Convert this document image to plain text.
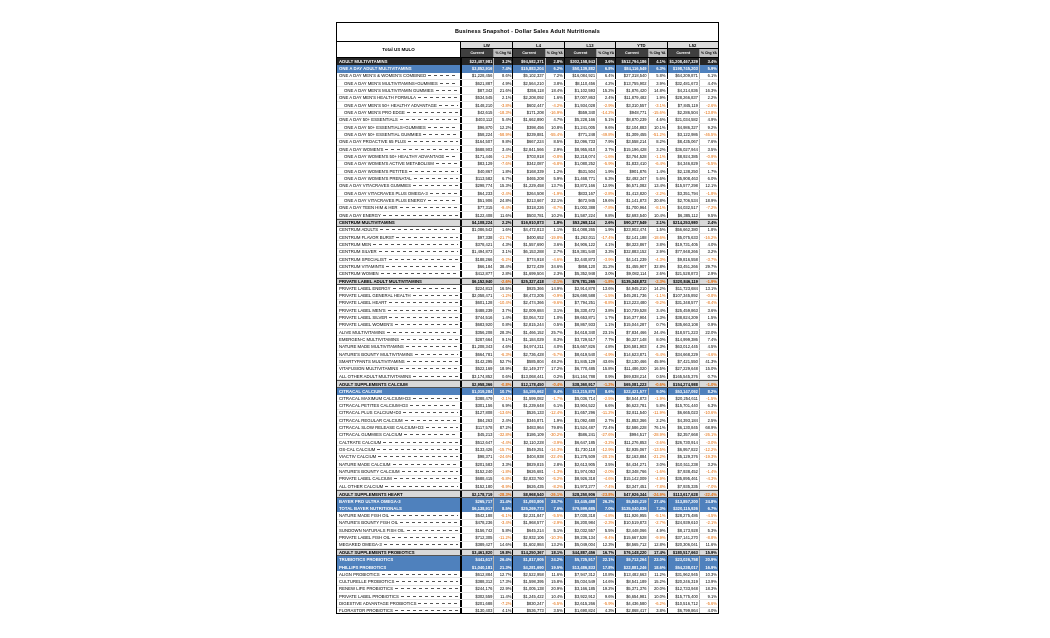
Business Snapshot - Dollar Sales Adult Nutritionals
Total US MULO
LW	L4	L13	YTD	L52
Current	% Chg YA	Current	% Chg YA	Current	% Chg YA	Current	% Chg YA	Current	% Chg YA
ADULT MULTIVITAMINS	$23,407,981	3.2%	$94,582,371	2.8%	$302,158,943	3.6%	$512,794,186	4.1% $1,208,467,329	3.4%
ONE A DAY ADULT MULTIVITAMINS	$3,852,916	7.4%	$15,883,204	6.2%	$50,139,882	6.8%	$84,116,549	6.3%	$198,745,203	5.9%
ONE A DAY MEN'S & WOMEN'S COMBINED	$1,228,456	8.6%	$5,102,337	7.2%	$16,084,921	6.4%	$27,318,540	5.8%	$64,209,871	6.1%
ONE A DAY MEN'S MULTIVITAMINS+GUMMIES	$621,887	4.9%	$2,564,210	3.8%	$8,110,456	4.2%	$13,755,902	3.9%	$32,481,673	4.4%
ONE A DAY MEN'S MULTIVITAMIN GUMMIES	$87,342	21.6%	$356,118	18.4%	$1,102,593	15.2%	$1,876,420	14.8%	$4,214,836	16.3%
ONE A DAY MEN'S HEALTH FORMULA	$534,545	2.1%	$2,208,092	1.6%	$7,007,863	2.4%	$11,879,482	1.9%	$28,266,837	2.2%
ONE A DAY MEN'S 50+ HEALTHY ADVANTAGE	$148,210	-3.8%	$602,447	-4.2%	$1,934,028	-2.9%	$3,310,557	-3.1%	$7,845,119	-2.6%
ONE A DAY MEN'S PRO EDGE	$42,615	-18.3%	$171,208	-16.9%	$559,340	-14.2%	$948,771	-15.6%	$2,286,504	-13.8%
ONE A DAY 50+ ESSENTIALS	$403,112	5.4%	$1,662,890	4.7%	$5,228,166	5.1%	$8,870,239	4.6%	$21,034,582	4.9%
ONE A DAY 50+ ESSENTIALS+GUMMIES	$96,870	12.2%	$398,456	10.8%	$1,241,005	9.6%	$2,104,883	10.1%	$4,986,327	9.2%
ONE A DAY 50+ ESSENTIAL GUMMIES	$58,224	-58.9%	$239,881	-55.4%	$771,248	-49.8%	$1,309,455	-51.2%	$3,122,986	-46.5%
ONE A DAY PROACTIVE 65 PLUS	$164,507	9.8%	$667,224	8.5%	$2,096,733	7.9%	$3,558,214	8.2%	$8,435,067	7.6%
ONE A DAY WOMEN'S	$688,903	3.4%	$2,841,566	2.9%	$8,955,810	3.7%	$15,196,428	3.2%	$36,027,944	3.5%
ONE A DAY WOMEN'S 50+ HEALTHY ADVANTAGE	$171,446	-1.2%	$703,918	-0.8%	$2,218,074	-1.6%	$3,764,528	-1.1%	$8,924,385	-0.9%
ONE A DAY WOMEN'S ACTIVE METABOLISM	$83,129	-7.6%	$342,087	-6.8%	$1,080,252	-5.9%	$1,833,410	-6.4%	$4,346,829	-5.5%
ONE A DAY WOMEN'S PETITES	$40,867	1.8%	$168,339	1.2%	$531,504	1.9%	$901,876	1.4%	$2,138,250	1.7%
ONE A DAY WOMEN'S PRENATAL	$113,582	6.7%	$465,208	5.9%	$1,468,771	6.3%	$2,492,347	5.6%	$5,908,463	6.0%
ONE A DAY VITACRAVES GUMMIES	$298,774	15.3%	$1,229,458	13.7%	$3,872,166	12.9%	$6,571,082	13.4%	$15,577,298	12.1%
ONE A DAY VITACRAVES PLUS OMEGA-3	$64,233	-2.4%	$264,508	-1.9%	$833,167	-2.8%	$1,413,820	-2.2%	$3,351,794	-1.8%
ONE A DAY VITACRAVES PLUS ENERGY	$51,906	24.8%	$213,667	22.1%	$672,945	19.6%	$1,141,873	20.8%	$2,706,534	18.9%
ONE A DAY TEEN HIM & HER	$77,315	-9.4%	$318,226	-8.7%	$1,002,388	-7.8%	$1,700,964	-8.1%	$4,032,517	-7.2%
ONE A DAY ENERGY	$122,408	11.6%	$503,781	10.2%	$1,587,224	9.8%	$2,693,540	10.4%	$6,385,112	9.5%
CENTRUM MULTIVITAMINS	$4,108,224	2.2%	$16,910,873	1.8%	$53,268,114	2.6%	$90,377,549	2.1%	$214,253,980	2.4%
CENTRUM ADULTS	$1,086,542	1.6%	$4,472,813	1.1%	$14,088,265	1.9%	$23,902,474	1.5%	$56,662,380	1.8%
CENTRUM FLAVOR BURST	$97,338	-21.7%	$400,652	-19.8%	$1,262,011	-17.4%	$2,141,188	-18.6%	$5,075,633	-16.2%
CENTRUM MEN	$378,421	4.3%	$1,557,690	3.6%	$4,906,122	4.1%	$8,323,867	3.8%	$19,731,405	4.0%
CENTRUM SILVER	$1,494,873	3.1%	$6,153,288	2.7%	$19,381,540	3.3%	$32,883,152	2.9%	$77,948,266	3.2%
CENTRUM SPECIALIST	$188,266	-5.2%	$774,918	-4.6%	$2,440,873	-3.9%	$4,141,239	-4.3%	$9,816,558	-3.7%
CENTRUM VITAMINTS	$66,184	38.4%	$272,439	34.6%	$858,120	31.2%	$1,455,907	32.8%	$3,451,266	29.7%
CENTRUM WOMEN	$412,877	2.8%	$1,699,504	2.3%	$5,352,948	3.0%	$9,082,114	2.6%	$21,528,873	2.9%
PRIVATE LABEL ADULT MULTIVITAMINS	$6,152,940	-2.6%	$25,327,418	-2.1%	$79,781,265	-1.8%	$135,348,872	-2.3%	$320,846,119	-1.9%
PRIVATE LABEL ENERGY	$224,813	16.5%	$925,366	14.9%	$2,914,878	13.6%	$4,945,210	14.2%	$11,723,684	13.1%
PRIVATE LABEL GENERAL HEALTH	$2,058,471	-1.2%	$8,473,205	-0.9%	$26,690,588	-1.5%	$45,281,736	-1.1%	$107,345,892	-0.8%
PRIVATE LABEL HEART	$601,128	-10.4%	$2,474,366	-9.6%	$7,794,251	-8.8%	$13,223,480	-9.2%	$31,348,577	-8.4%
PRIVATE LABEL MEN'S	$488,239	3.7%	$2,009,684	3.1%	$6,330,472	3.8%	$10,739,528	3.4%	$25,459,863	3.6%
PRIVATE LABEL SILVER	$744,516	1.4%	$3,064,722	1.0%	$9,653,871	1.7%	$16,377,904	1.3%	$38,824,209	1.5%
PRIVATE LABEL WOMEN'S	$683,920	0.8%	$2,815,244	0.5%	$8,867,933	1.1%	$15,044,287	0.7%	$35,663,108	0.9%
ALIVE MULTIVITAMINS	$356,208	28.3%	$1,466,152	25.7%	$4,618,340	23.1%	$7,834,466	24.4%	$18,571,223	22.0%
EMERGEN-C MULTIVITAMINS	$287,664	9.1%	$1,184,029	8.3%	$3,729,517	7.7%	$6,327,148	8.0%	$14,999,386	7.4%
NATURE MADE MULTIVITAMINS	$1,208,343	4.6%	$4,974,211	4.0%	$15,667,826	4.8%	$26,581,903	4.3%	$63,012,445	4.5%
NATURE'S BOUNTY MULTIVITAMINS	$664,781	-6.3%	$2,736,428	-5.7%	$8,619,540	-4.9%	$14,623,871	-5.4%	$34,668,229	-4.6%
SMARTYPANTS MULTIVITAMINS	$142,295	52.7%	$585,804	48.2%	$1,845,129	43.6%	$3,130,466	45.9%	$7,421,550	41.3%
VITAFUSION MULTIVITAMINS	$522,169	18.9%	$2,149,377	17.2%	$6,770,485	15.8%	$11,486,020	16.5%	$27,229,648	15.0%
ALL OTHER ADULT MULTIVITAMINS	$3,174,852	0.6%	$13,068,441	0.2%	$41,164,788	0.9%	$69,838,214	0.5%	$165,545,376	0.7%
ADULT SUPPLEMENTS CALCIUM	$2,958,366	-0.8%	$12,178,450	-0.4%	$38,360,917	-1.2%	$65,081,223	-0.6%	$154,274,988	-1.0%
CITRACAL CALCIUM	$1,019,284	10.7%	$4,195,662	9.4%	$13,215,870	8.6%	$22,421,577	9.0%	$53,147,092	8.2%
CITRACAL MAXIMUM CALCIUM+D3	$388,479	-2.1%	$1,599,082	-1.7%	$5,036,714	-2.5%	$8,544,873	-1.9%	$20,254,611	-1.5%
CITRACAL PETITES CALCIUM+D3	$301,156	6.9%	$1,239,648	6.1%	$3,904,522	6.6%	$6,623,781	5.8%	$15,701,440	6.3%
CITRACAL PLUS CALCIUM+D3	$127,808	-13.6%	$526,133	-12.4%	$1,657,296	-11.2%	$2,811,540	-11.9%	$6,665,023	-10.6%
CITRACAL REGULAR CALCIUM	$84,263	2.4%	$346,871	1.9%	$1,092,480	2.7%	$1,853,366	2.2%	$4,393,184	2.5%
CITRACAL SLOW RELEASE CALCIUM+D3	$117,578	87.2%	$483,964	79.8%	$1,524,487	72.4%	$2,586,228	76.1%	$6,130,845	68.9%
CITRACAL GUMMIES CALCIUM	$45,213	-32.8%	$186,109	-30.2%	$586,241	-27.6%	$994,517	-28.9%	$2,357,668	-26.1%
CALTRATE CALCIUM	$512,647	-4.4%	$2,110,228	-3.9%	$6,647,185	-3.2%	$11,276,853	-3.6%	$26,730,914	-3.0%
OS-CAL CALCIUM	$133,426	-15.7%	$549,251	-14.3%	$1,730,118	-12.9%	$2,935,067	-13.5%	$6,957,822	-12.2%
VIACTIV CALCIUM	$98,371	-24.6%	$404,938	-22.4%	$1,275,509	-20.1%	$2,163,884	-21.2%	$5,129,376	-19.3%
NATURE MADE CALCIUM	$201,583	3.3%	$829,815	2.8%	$2,613,905	3.5%	$4,434,271	3.0%	$10,511,238	3.2%
NATURE'S BOUNTY CALCIUM	$152,240	-1.8%	$626,681	-1.3%	$1,974,053	-2.0%	$3,348,766	-1.6%	$7,938,452	-1.4%
PRIVATE LABEL CALCIUM	$688,415	-5.8%	$2,833,760	-5.2%	$8,926,318	-4.6%	$15,142,009	-4.9%	$35,895,461	-4.3%
ALL OTHER CALCIUM	$152,180	-8.9%	$626,435	-8.2%	$1,973,277	-7.4%	$3,347,451	-7.8%	$7,935,335	-7.0%
ADULT SUPPLEMENTS HEART	$2,178,719	-28.3%	$8,968,540	-26.1%	$28,250,906	-23.8%	$47,926,344	-24.9%	$113,617,628	-22.4%
BAYER PRO ULTRA OMEGA-3	$265,717	31.4%	$1,093,806	28.7%	$3,445,488	26.2%	$5,845,219	27.4%	$13,857,200	24.8%
TOTAL BAYER NUTRITIONALS	$6,138,917	8.5%	$25,269,773	7.6%	$79,599,685	7.0%	$135,040,836	7.3%	$320,115,926	6.7%
NATURE MADE FISH OIL	$542,188	-6.1%	$2,231,847	-5.5%	$7,030,318	-4.8%	$11,926,955	-5.1%	$28,275,486	-4.5%
NATURE'S BOUNTY FISH OIL	$478,236	-3.4%	$1,968,577	-2.9%	$6,200,984	-2.3%	$10,519,873	-2.7%	$24,939,610	-2.1%
SUNDOWN NATURALS FISH OIL	$156,742	5.8%	$645,214	5.1%	$2,032,557	5.5%	$3,448,066	4.9%	$8,173,928	5.3%
PRIVATE LABEL FISH OIL	$712,305	-11.2%	$2,932,106	-10.3%	$9,236,134	-9.4%	$15,667,528	-9.9%	$37,141,270	-8.8%
MEGARED OMEGA-3	$389,427	14.6%	$1,602,984	13.2%	$5,049,004	12.3%	$8,565,712	12.8%	$20,306,041	11.6%
ADULT SUPPLEMENTS PROBIOTICS	$3,461,820	19.8%	$14,250,367	18.1%	$44,887,456	16.7%	$76,148,220	17.4%	$180,517,663	15.9%
TRUBIOTICS PROBIOTICS	$441,617	26.4%	$1,817,905	24.2%	$5,725,917	22.1%	$9,713,264	23.0%	$23,026,758	20.9%
PHILLIPS PROBIOTICS	$1,040,181	21.3%	$4,281,690	19.5%	$13,486,833	17.8%	$22,881,246	18.6%	$54,238,017	16.9%
ALIGN PROBIOTICS	$612,884	12.7%	$2,522,958	11.6%	$7,947,312	10.8%	$13,482,663	11.2%	$31,962,945	10.3%
CULTURELLE PROBIOTICS	$388,312	17.3%	$1,598,395	15.8%	$5,034,549	14.6%	$8,541,189	15.2%	$20,246,319	13.9%
RENEW LIFE PROBIOTICS	$244,176	22.9%	$1,005,138	20.9%	$3,166,185	19.2%	$5,371,376	20.0%	$12,733,948	18.3%
PRIVATE LABEL PROBIOTICS	$302,559	11.4%	$1,245,422	10.4%	$3,922,912	9.6%	$6,654,981	10.0%	$15,775,400	9.1%
DIGESTIVE ADVANTAGE PROBIOTICS	$201,688	-7.2%	$830,247	-6.5%	$2,615,266	-5.9%	$4,436,580	-6.2%	$10,516,712	-5.6%
FLORASTOR PROBIOTICS	$130,403	4.1%	$536,773	3.5%	$1,690,824	4.3%	$2,868,417	3.8%	$6,799,864	4.0%
